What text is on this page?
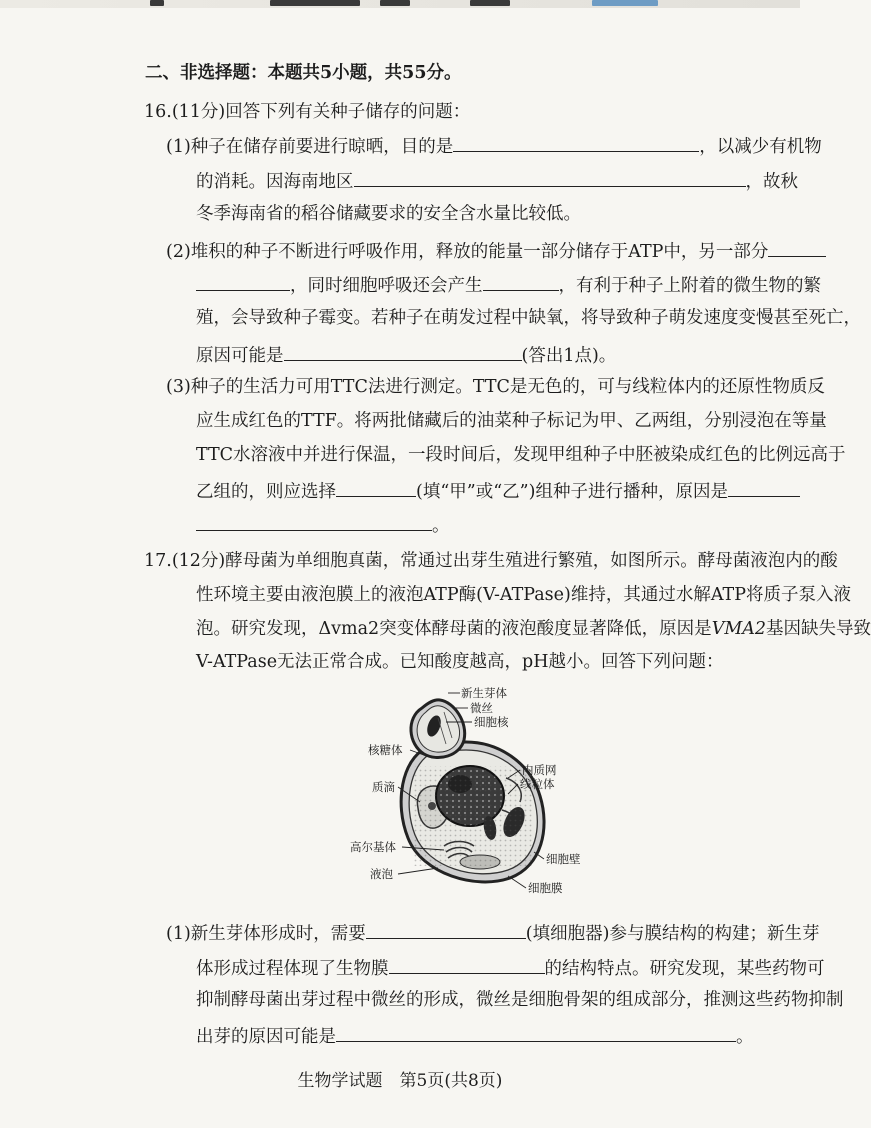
二、非选择题：本题共5小题，共55分。
16.(11分)回答下列有关种子储存的问题：
(1)种子在储存前要进行晾晒，目的是	，以减少有机物
的消耗。因海南地区	，故秋
冬季海南省的稻谷储藏要求的安全含水量比较低。
(2)堆积的种子不断进行呼吸作用，释放的能量一部分储存于ATP中，另一部分
，同时细胞呼吸还会产生	，有利于种子上附着的微生物的繁
殖，会导致种子霉变。若种子在萌发过程中缺氧，将导致种子萌发速度变慢甚至死亡，
原因可能是	(答出1点)。
(3)种子的生活力可用TTC法进行测定。TTC是无色的，可与线粒体内的还原性物质反
应生成红色的TTF。将两批储藏后的油菜种子标记为甲、乙两组，分别浸泡在等量
TTC水溶液中并进行保温，一段时间后，发现甲组种子中胚被染成红色的比例远高于
乙组的，则应选择	(填“甲”或“乙”)组种子进行播种，原因是
。
17.(12分)酵母菌为单细胞真菌，常通过出芽生殖进行繁殖，如图所示。酵母菌液泡内的酸
性环境主要由液泡膜上的液泡ATP酶(V-ATPase)维持，其通过水解ATP将质子泵入液
泡。研究发现，Δvma2突变体酵母菌的液泡酸度显著降低，原因是VMA2基因缺失导致
V-ATPase无法正常合成。已知酸度越高，pH越小。回答下列问题：
新生芽体
微丝
细胞核
核糖体
内质网
线粒体
质滴
高尔基体
细胞壁
液泡
细胞膜
(1)新生芽体形成时，需要	(填细胞器)参与膜结构的构建；新生芽
体形成过程体现了生物膜	的结构特点。研究发现，某些药物可
抑制酵母菌出芽过程中微丝的形成，微丝是细胞骨架的组成部分，推测这些药物抑制
出芽的原因可能是	。
生物学试题　第5页(共8页)
